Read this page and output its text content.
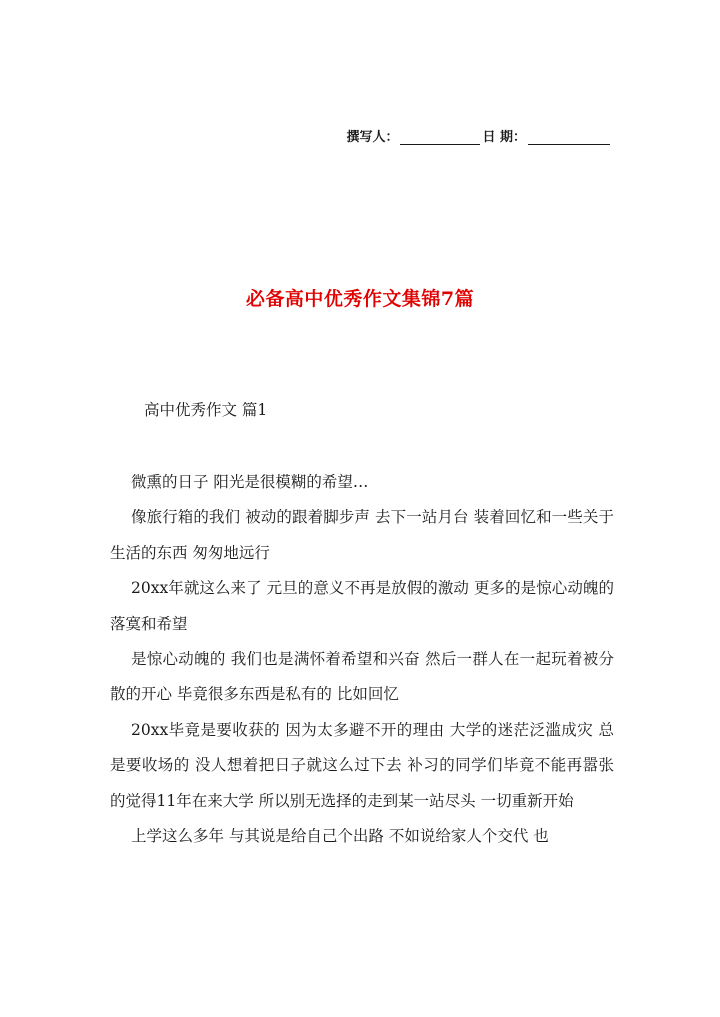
撰写人：	日 期：
必备高中优秀作文集锦7篇
高中优秀作文 篇1

微熏的日子 阳光是很模糊的希望…

像旅行箱的我们 被动的跟着脚步声 去下一站月台 装着回忆和一些关于生活的东西 匆匆地远行

20xx年就这么来了 元旦的意义不再是放假的激动 更多的是惊心动魄的落寞和希望

是惊心动魄的 我们也是满怀着希望和兴奋 然后一群人在一起玩着被分散的开心 毕竟很多东西是私有的 比如回忆

20xx毕竟是要收获的 因为太多避不开的理由 大学的迷茫泛滥成灾 总是要收场的 没人想着把日子就这么过下去 补习的同学们毕竟不能再嚣张的觉得11年在来大学 所以别无选择的走到某一站尽头 一切重新开始

上学这么多年 与其说是给自己个出路 不如说给家人个交代 也
